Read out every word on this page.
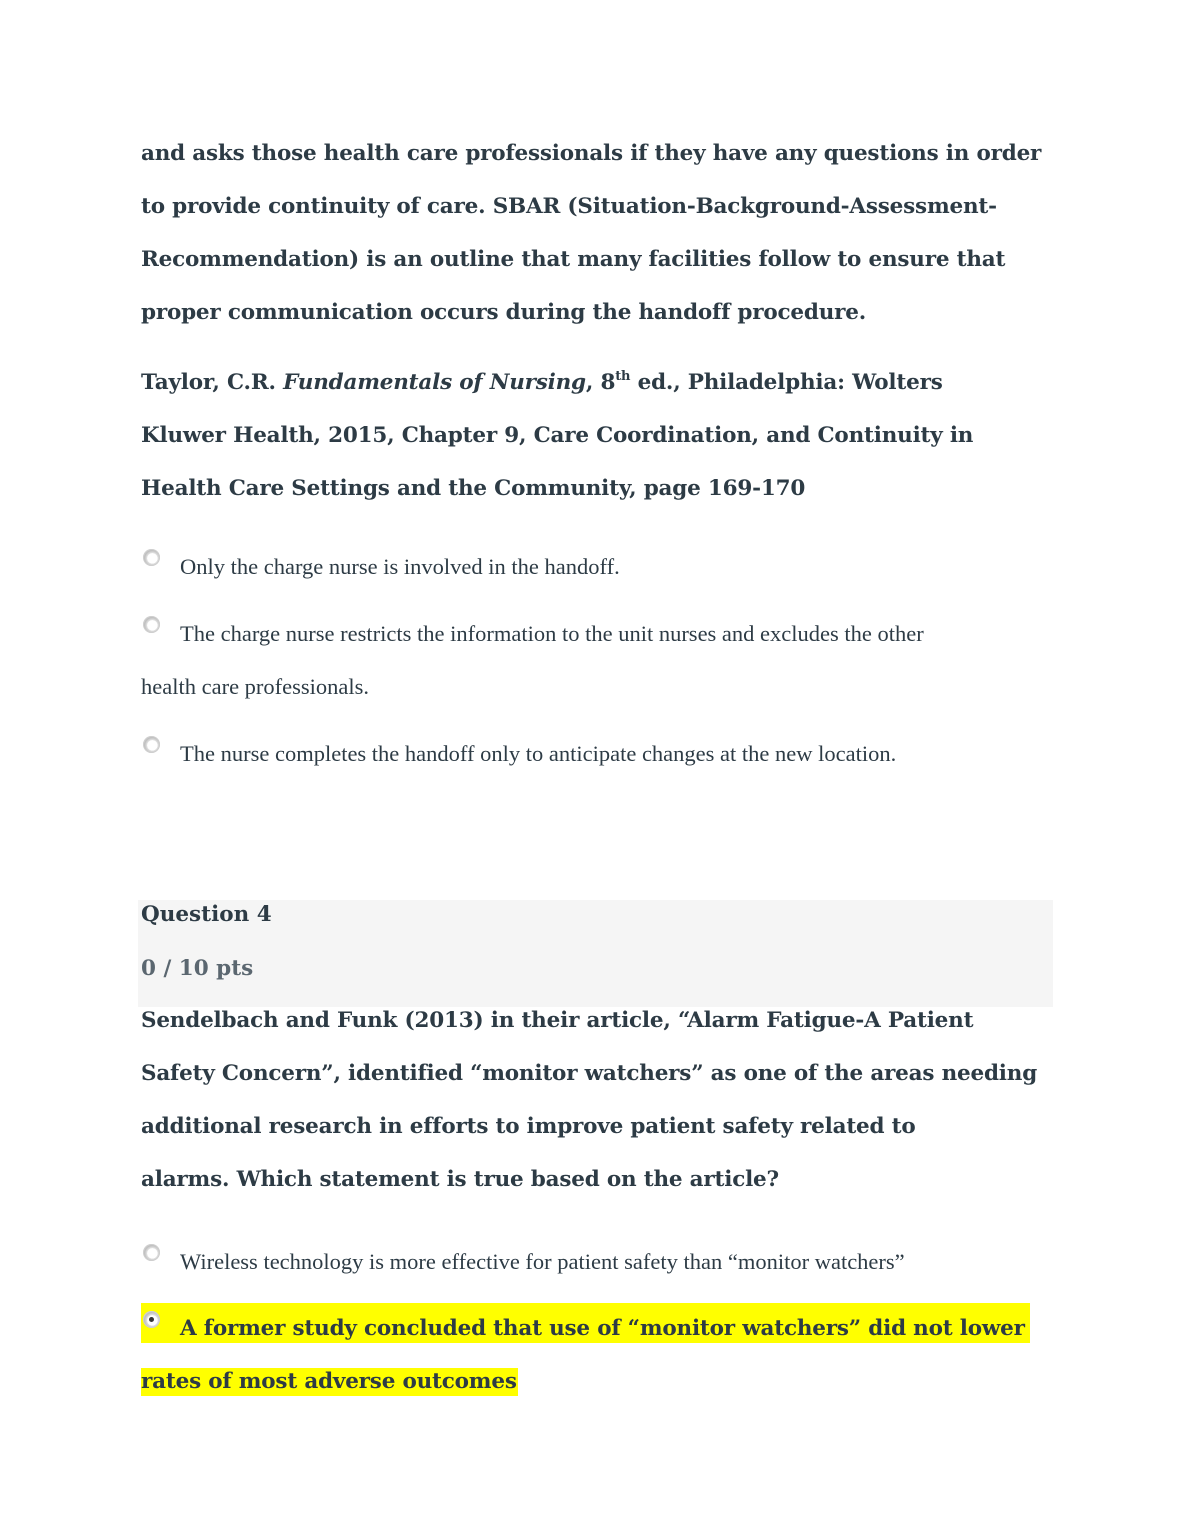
and asks those health care professionals if they have any questions in order
to provide continuity of care. SBAR (Situation-Background-Assessment-
Recommendation) is an outline that many facilities follow to ensure that
proper communication occurs during the handoff procedure.

Taylor, C.R. Fundamentals of Nursing, 8th ed., Philadelphia: Wolters
Kluwer Health, 2015, Chapter 9, Care Coordination, and Continuity in
Health Care Settings and the Community, page 169-170

Only the charge nurse is involved in the handoff.
The charge nurse restricts the information to the unit nurses and excludes the other
health care professionals.
The nurse completes the handoff only to anticipate changes at the new location.
Question 4
0 / 10 pts

Sendelbach and Funk (2013) in their article, “Alarm Fatigue-A Patient
Safety Concern”, identified “monitor watchers” as one of the areas needing
additional research in efforts to improve patient safety related to
alarms. Which statement is true based on the article?

Wireless technology is more effective for patient safety than “monitor watchers”

A former study concluded that use of “monitor watchers” did not lower

rates of most adverse outcomes
